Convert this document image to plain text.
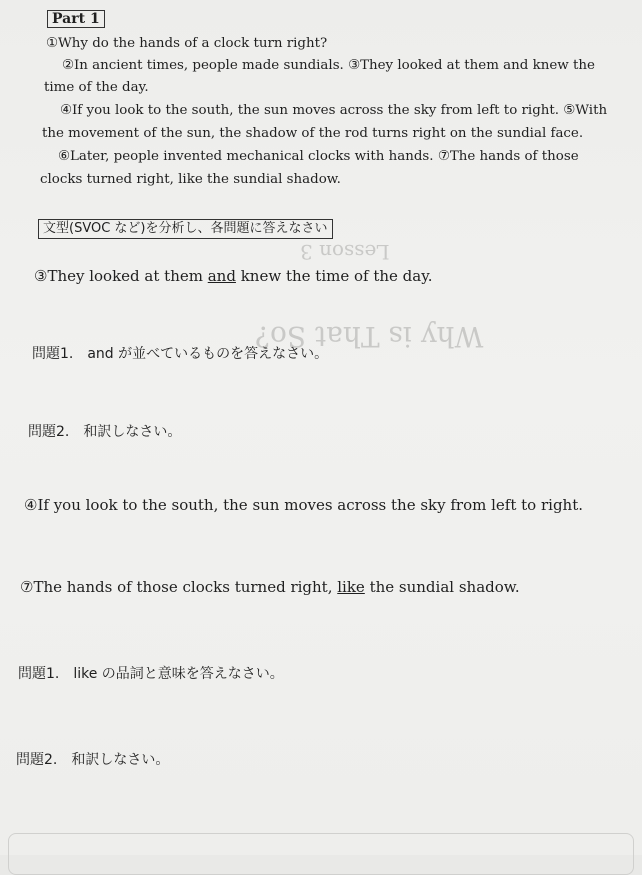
Lesson 3
Why is That So?
Part 1
①Why do the hands of a clock turn right?
②In ancient times, people made sundials. ③They looked at them and knew the
time of the day.
④If you look to the south, the sun moves across the sky from left to right. ⑤With
the movement of the sun, the shadow of the rod turns right on the sundial face.
⑥Later, people invented mechanical clocks with hands. ⑦The hands of those
clocks turned right, like the sundial shadow.
文型(SVOC など)を分析し、各問題に答えなさい
③They looked at them and knew the time of the day.
問題1.　and が並べているものを答えなさい。
問題2.　和訳しなさい。
④If you look to the south, the sun moves across the sky from left to right.
⑦The hands of those clocks turned right, like the sundial shadow.
問題1.　like の品詞と意味を答えなさい。
問題2.　和訳しなさい。
